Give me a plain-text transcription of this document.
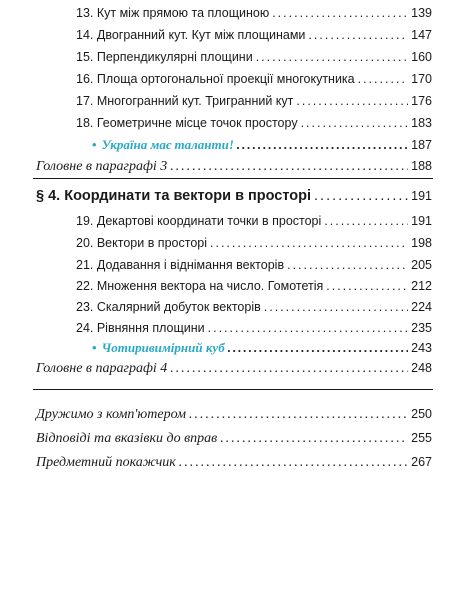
13. Кут між прямою та площиною .....	139
14. Двогранний кут. Кут між площинами .....	147
15. Перпендикулярні площини .....	160
16. Площа ортогональної проекції многокутника .....	170
17. Многогранний кут. Тригранний кут .....	176
18. Геометричне місце точок простору .....	183
• Україна має таланти! .....	187
Головне в параграфі 3 .....	188
§ 4. Координати та вектори в просторі .....	191
19. Декартові координати точки в просторі .....	191
20. Вектори в просторі .....	198
21. Додавання і віднімання векторів .....	205
22. Множення вектора на число. Гомотетія .....	212
23. Скалярний добуток векторів .....	224
24. Рівняння площини .....	235
• Чотиривимірний куб .....	243
Головне в параграфі 4 .....	248
Дружимо з комп'ютером .....	250
Відповіді та вказівки до вправ .....	255
Предметний покажчик .....	267
